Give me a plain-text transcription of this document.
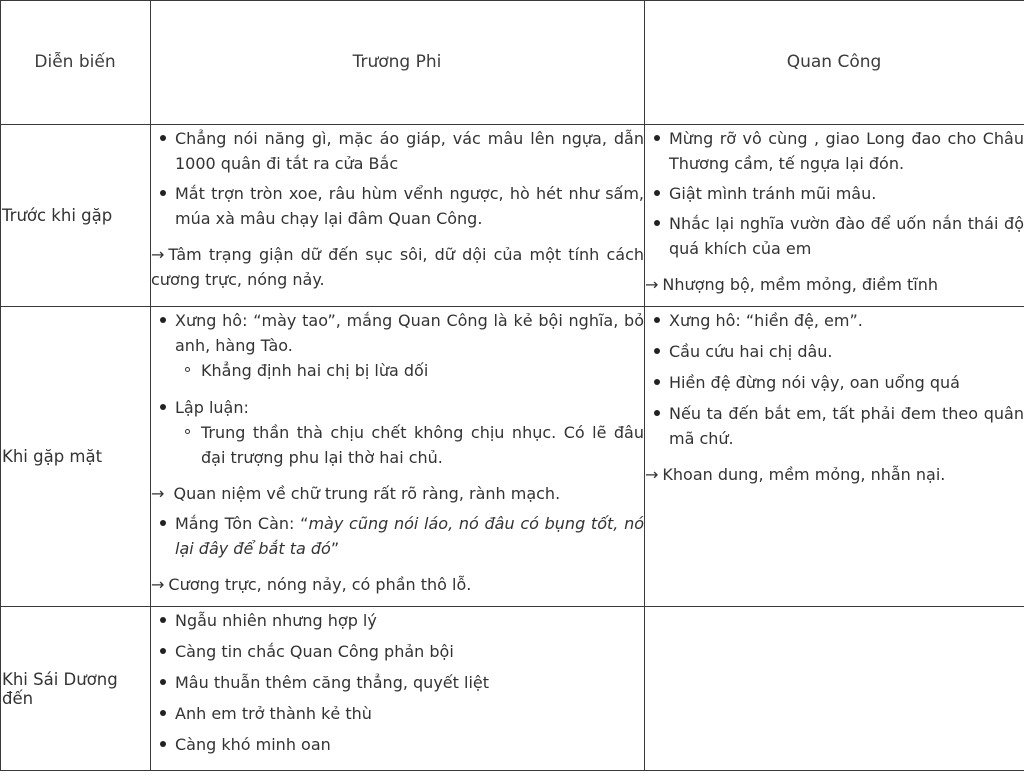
Diễn biến	Trương Phi	Quan Công
Trước khi gặp
Chẳng nói năng gì, mặc áo giáp, vác mâu lên ngựa, dẫn 1000 quân đi tắt ra cửa Bắc
Mắt trợn tròn xoe, râu hùm vểnh ngược, hò hét như sấm, múa xà mâu chạy lại đâm Quan Công.
→ Tâm trạng giận dữ đến sục sôi, dữ dội của một tính cách cương trực, nóng nảy.
Mừng rỡ vô cùng , giao Long đao cho Châu Thương cầm, tế ngựa lại đón.
Giật mình tránh mũi mâu.
Nhắc lại nghĩa vườn đào để uốn nắn thái độ quá khích của em
→ Nhượng bộ, mềm mỏng, điềm tĩnh
Khi gặp mặt
Xưng hô: “mày tao”, mắng Quan Công là kẻ bội nghĩa, bỏ anh, hàng Tào.
Khẳng định hai chị bị lừa dối
Lập luận:
Trung thần thà chịu chết không chịu nhục. Có lẽ đâu đại trượng phu lại thờ hai chủ.
→ Quan niệm về chữ trung rất rõ ràng, rành mạch.
Mắng Tôn Càn: “mày cũng nói láo, nó đâu có bụng tốt, nó lại đây để bắt ta đó”
→ Cương trực, nóng nảy, có phần thô lỗ.
Xưng hô: “hiền đệ, em”.
Cầu cứu hai chị dâu.
Hiền đệ đừng nói vậy, oan uổng quá
Nếu ta đến bắt em, tất phải đem theo quân mã chứ.
→ Khoan dung, mềm mỏng, nhẫn nại.
Khi Sái Dương đến
Ngẫu nhiên nhưng hợp lý
Càng tin chắc Quan Công phản bội
Mâu thuẫn thêm căng thẳng, quyết liệt
Anh em trở thành kẻ thù
Càng khó minh oan
